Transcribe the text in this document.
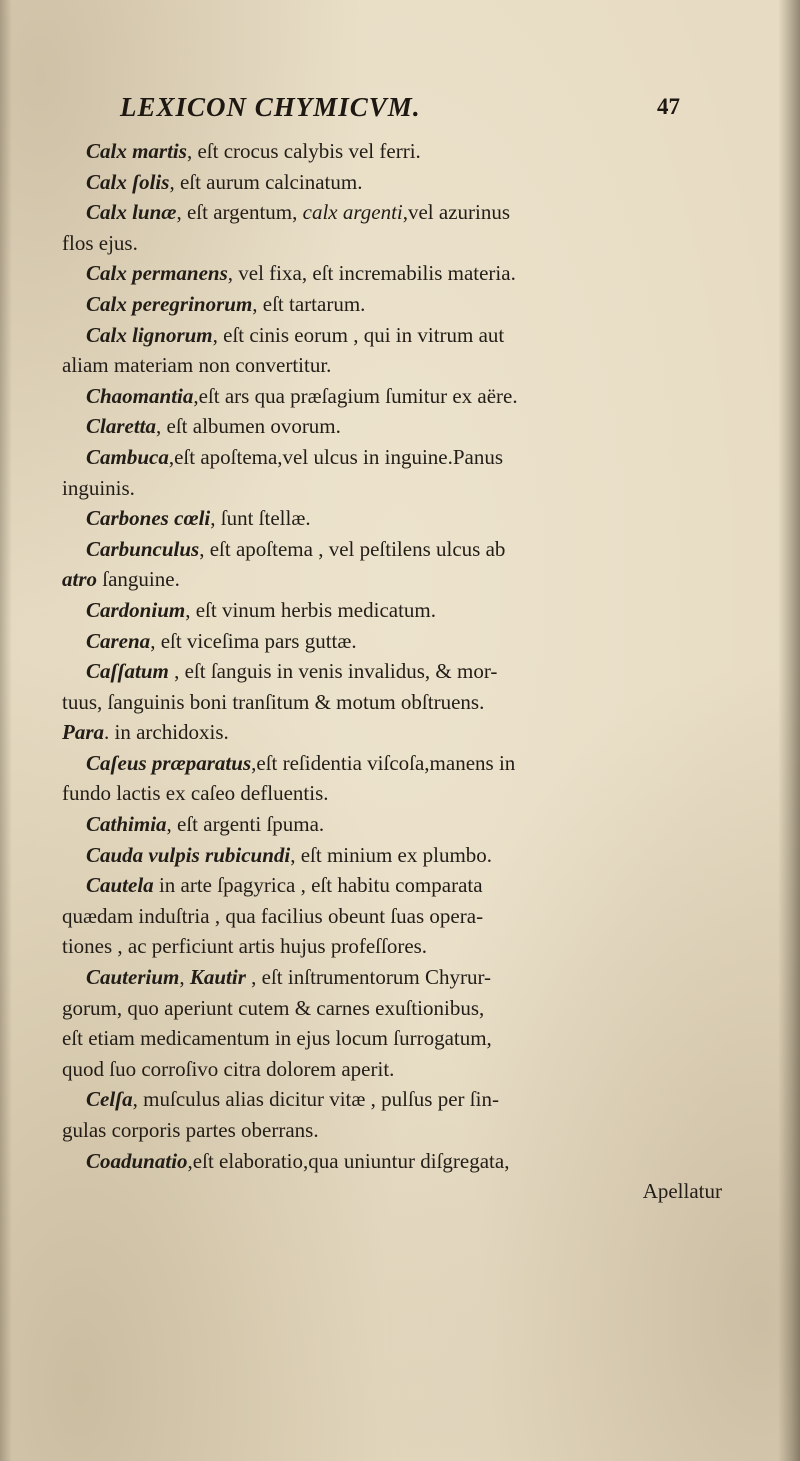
LEXICON CHYMICVM.	47
Calx martis, eſt crocus calybis vel ferri.
Calx ſolis, eſt aurum calcinatum.
Calx lunæ, eſt argentum, calx argenti,vel azurinus
flos ejus.
Calx permanens, vel fixa, eſt incremabilis materia.
Calx peregrinorum, eſt tartarum.
Calx lignorum, eſt cinis eorum , qui in vitrum aut
aliam materiam non convertitur.
Chaomantia,eſt ars qua præſagium ſumitur ex aëre.
Claretta, eſt albumen ovorum.
Cambuca,eſt apoſtema,vel ulcus in inguine.Panus
inguinis.
Carbones cœli, ſunt ſtellæ.
Carbunculus, eſt apoſtema , vel peſtilens ulcus ab
atro ſanguine.
Cardonium, eſt vinum herbis medicatum.
Carena, eſt viceſima pars guttæ.
Caſſatum , eſt ſanguis in venis invalidus, & mor-
tuus, ſanguinis boni tranſitum & motum obſtruens.
Para. in archidoxis.
Caſeus præparatus,eſt reſidentia viſcoſa,manens in
fundo lactis ex caſeo defluentis.
Cathimia, eſt argenti ſpuma.
Cauda vulpis rubicundi, eſt minium ex plumbo.
Cautela in arte ſpagyrica , eſt habitu comparata
quædam induſtria , qua facilius obeunt ſuas opera-
tiones , ac perficiunt artis hujus profeſſores.
Cauterium, Kautir , eſt inſtrumentorum Chyrur-
gorum, quo aperiunt cutem & carnes exuſtionibus,
eſt etiam medicamentum in ejus locum ſurrogatum,
quod ſuo corroſivo citra dolorem aperit.
Celſa, muſculus alias dicitur vitæ , pulſus per ſin-
gulas corporis partes oberrans.
Coadunatio,eſt elaboratio,qua uniuntur diſgregata,
Apellatur
